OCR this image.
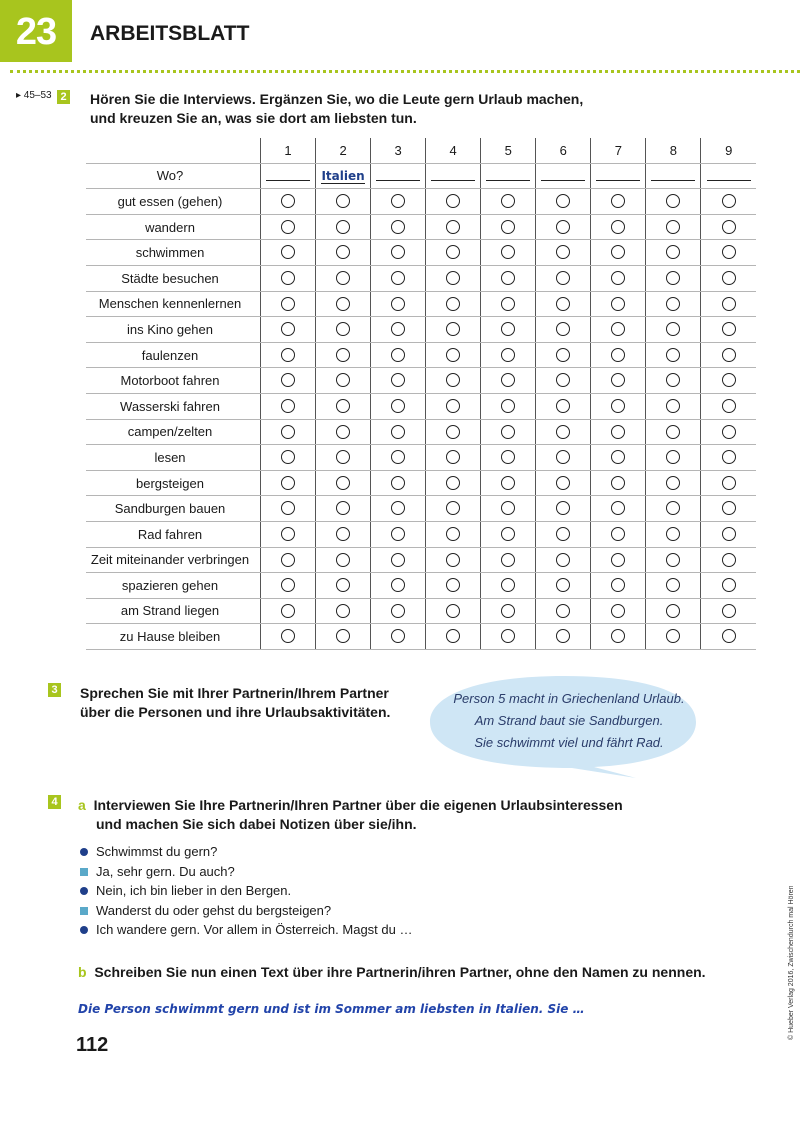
23	ARBEITSBLATT
▸ 45–53 2 Hören Sie die Interviews. Ergänzen Sie, wo die Leute gern Urlaub machen,
und kreuzen Sie an, was sie dort am liebsten tun.
	1	2	3	4	5	6	7	8	9
Wo?		Italien							
gut essen (gehen)									
wandern									
schwimmen									
Städte besuchen									
Menschen kennenlernen									
ins Kino gehen									
faulenzen									
Motorboot fahren									
Wasserski fahren									
campen/zelten									
lesen									
bergsteigen									
Sandburgen bauen									
Rad fahren									
Zeit miteinander verbringen									
spazieren gehen									
am Strand liegen									
zu Hause bleiben									
3 Sprechen Sie mit Ihrer Partnerin/Ihrem Partner
über die Personen und ihre Urlaubsaktivitäten.
Person 5 macht in Griechenland Urlaub.
Am Strand baut sie Sandburgen.
Sie schwimmt viel und fährt Rad.
4 a Interviewen Sie Ihre Partnerin/Ihren Partner über die eigenen Urlaubsinteressen
und machen Sie sich dabei Notizen über sie/ihn.
Schwimmst du gern?
Ja, sehr gern. Du auch?
Nein, ich bin lieber in den Bergen.
Wanderst du oder gehst du bergsteigen?
Ich wandere gern. Vor allem in Österreich. Magst du …
b Schreiben Sie nun einen Text über ihre Partnerin/ihren Partner, ohne den Namen zu nennen.
Die Person schwimmt gern und ist im Sommer am liebsten in Italien. Sie …
112
© Hueber Verlag 2016, Zwischendurch mal Hören
